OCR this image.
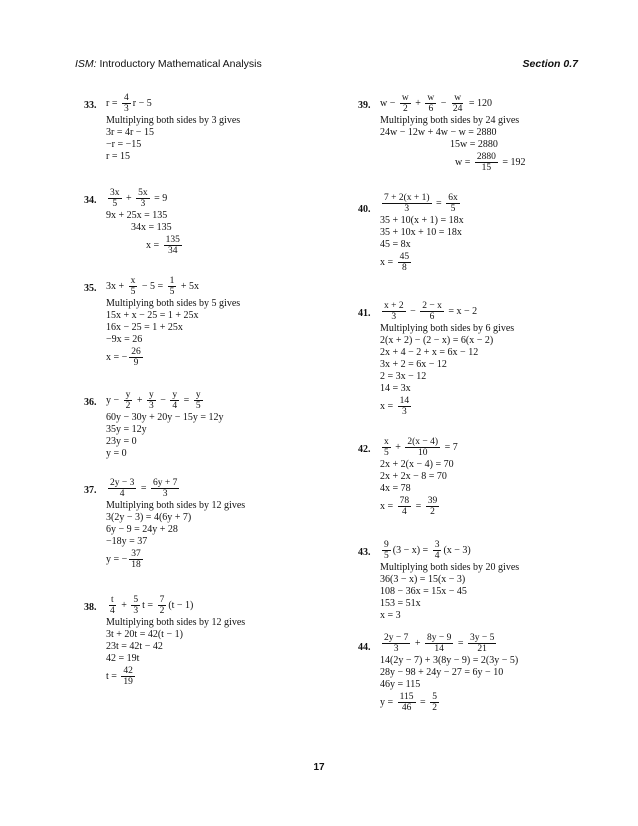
ISM: Introductory Mathematical Analysis	Section 0.7
33. $r = \frac{4}{3}$ r − 5
Multiplying both sides by 3 gives
3r = 4r − 15
−r = −15
r = 15
34. $\frac{3x}{5} + \frac{5x}{3} = 9$
9x + 25x = 135
34x = 135
$x = \frac{135}{34}$
35. $3x + \frac{x}{5} - 5 = \frac{1}{5} + 5x$
Multiplying both sides by 5 gives
15x + x − 25 = 1 + 25x
16x − 25 = 1 + 25x
−9x = 26
x = − $\frac{26}{9}$
36. $y - \frac{y}{2} + \frac{y}{3} - \frac{y}{4} = \frac{y}{5}$
60y − 30y + 20y − 15y = 12y
35y = 12y
23y = 0
y = 0
37. $\frac{2y - 3}{4} = \frac{6y + 7}{3}$
Multiplying both sides by 12 gives
3(2y − 3) = 4(6y + 7)
6y − 9 = 24y + 28
−18y = 37
y = − $\frac{37}{18}$
38. $\frac{t}{4} + \frac{5}{3}$ $t = \frac{7}{2} (t - 1)$
Multiplying both sides by 12 gives
3t + 20t = 42(t − 1)
23t = 42t − 42
42 = 19t
$t = \frac{42}{19}$
39. $w - \frac{w}{2} + \frac{w}{6} - \frac{w}{24} = 120$
Multiplying both sides by 24 gives
24w − 12w + 4w − w = 2880
15w = 2880
$w = \frac{2880}{15} = 192$
40. $\frac{7 + 2(x + 1)}{3} = \frac{6x}{5}$
35 + 10(x + 1) = 18x
35 + 10x + 10 = 18x
45 = 8x
$x = \frac{45}{8}$
41. $\frac{x + 2}{3} - \frac{2 - x}{6} = x - 2$
Multiplying both sides by 6 gives
2(x + 2) − (2 − x) = 6(x − 2)
2x + 4 − 2 + x = 6x − 12
3x + 2 = 6x − 12
2 = 3x − 12
14 = 3x
$x = \frac{14}{3}$
42. $\frac{x}{5} + \frac{2(x - 4)}{10} = 7$
2x + 2(x − 4) = 70
2x + 2x − 8 = 70
4x = 78
$x = \frac{78}{4} = \frac{39}{2}$
43. $\frac{9}{5} (3 - x) = \frac{3}{4} (x - 3)$
Multiplying both sides by 20 gives
36(3 − x) = 15(x − 3)
108 − 36x = 15x − 45
153 = 51x
x = 3
44. $\frac{2y - 7}{3} + \frac{8y - 9}{14} = \frac{3y - 5}{21}$
14(2y − 7) + 3(8y − 9) = 2(3y − 5)
28y − 98 + 24y − 27 = 6y − 10
46y = 115
$y = \frac{115}{46} = \frac{5}{2}$
17
